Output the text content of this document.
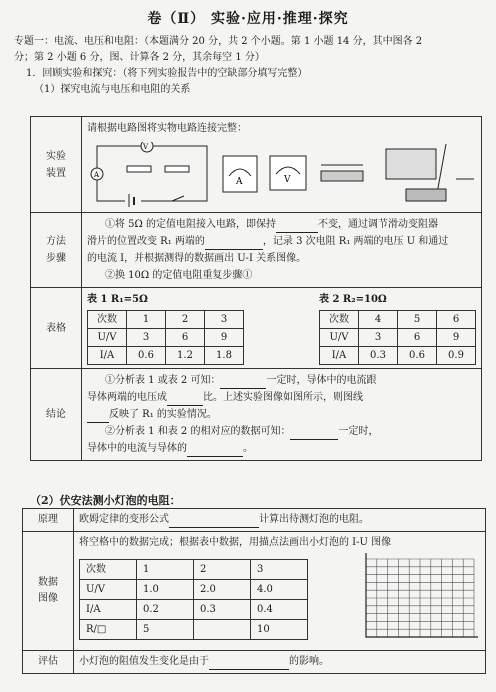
卷（Ⅱ） 实验·应用·推理·探究

专题一：电流、电压和电阻：（本题满分 20 分，共 2 个小题。第 1 小题 14 分，其中图各 2

分；第 2 小题 6 分，图、计算各 2 分，其余每空 1 分）

1．回顾实验和探究：（将下列实验报告中的空缺部分填写完整）

（1）探究电流与电压和电阻的关系

实验
装置	
请根据电路图将实物电路连接完整：
V
A
A	V

方法
步骤	
①将 5Ω 的定值电阻接入电路，即保持	不变，通过调节滑动变阻器
滑片的位置改变 R₁ 两端的	，记录 3 次电阻 R₁ 两端的电压 U 和通过
的电流 I，并根据测得的数据画出 U-I 关系图像。
②换 10Ω 的定值电阻重复步骤①

表格	
表 1 R₁=5Ω
次数	1	2	3
U/V	3	6	9
I/A	0.6	1.2	1.8
表 2 R₂=10Ω
次数	4	5	6
U/V	3	6	9
I/A	0.3	0.6	0.9

结论	
①分析表 1 或表 2 可知：	一定时，导体中的电流跟
导体两端的电压成	比。上述实验图像如图所示，则图线
反映了 R₁ 的实验情况。
②分析表 1 和表 2 的相对应的数据可知：	一定时，
导体中的电流与导体的	。
（2）伏安法测小灯泡的电阻：
原理	欧姆定律的变形公式	计算出待测灯泡的电阻。
数据
图像	
将空格中的数据完成；根据表中数据，用描点法画出小灯泡的 I-U 图像
次数	1	2	3
U/V	1.0	2.0	4.0
I/A	0.2	0.3	0.4
R/□	5		10

评估	小灯泡的阻值发生变化是由于	的影响。
